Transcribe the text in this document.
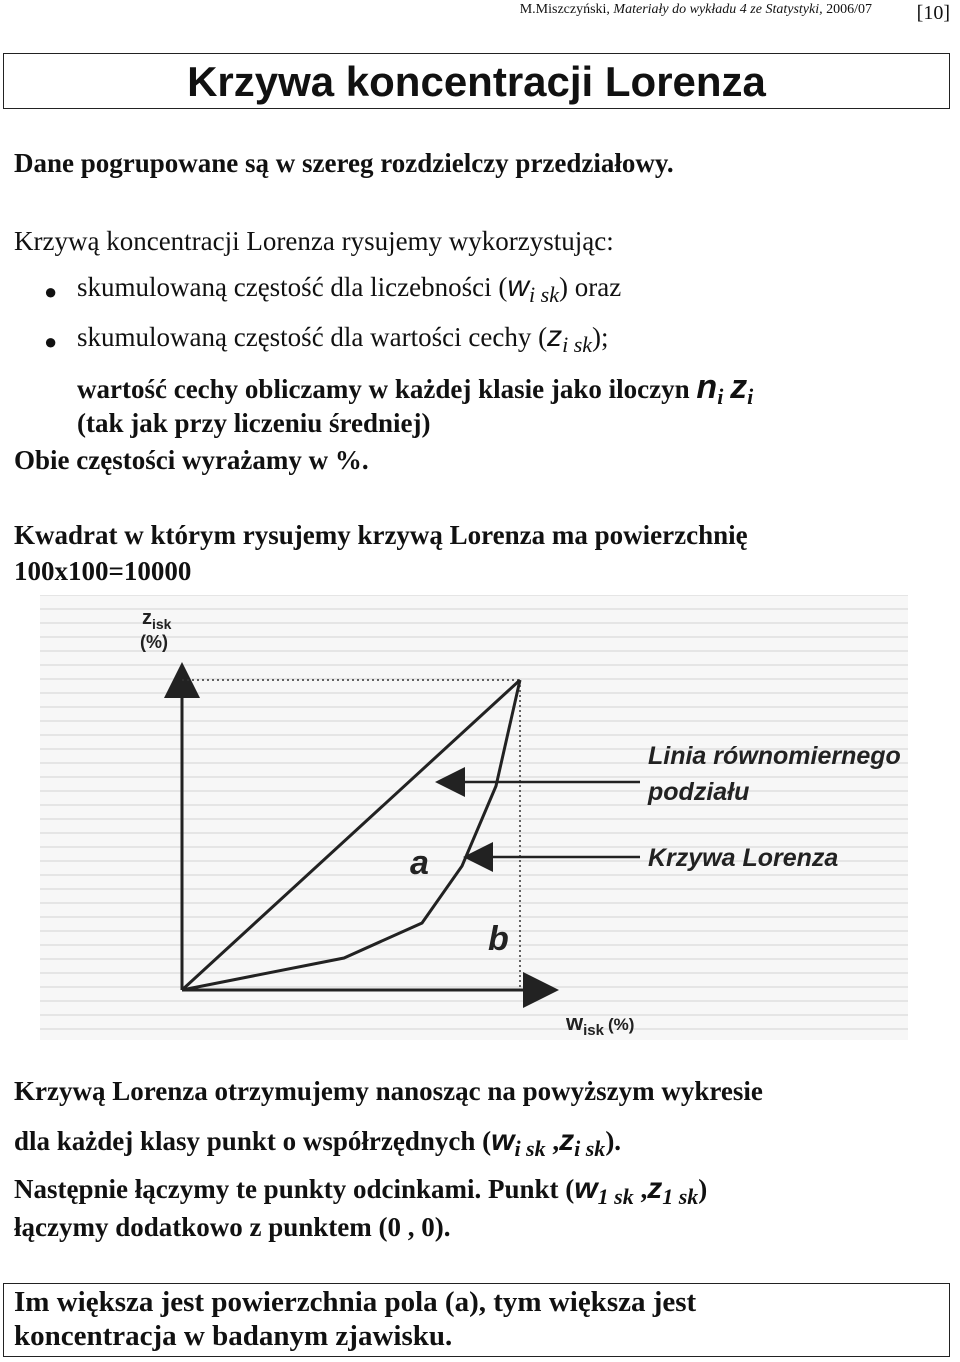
M.Miszczyński, Materiały do wykładu 4 ze Statystyki, 2006/07 [10]
Krzywa koncentracji Lorenza
Dane pogrupowane są w szereg rozdzielczy przedziałowy.
Krzywą koncentracji Lorenza rysujemy wykorzystując:
● skumulowaną częstość dla liczebności $(w_{i sk})$ oraz
● skumulowaną częstość dla wartości cechy $(z_{i sk})$;
wartość cechy obliczamy w każdej klasie jako iloczyn $n_i$ $z_i$
(tak jak przy liczeniu średniej)
Obie częstości wyrażamy w %.
Kwadrat w którym rysujemy krzywą Lorenza ma powierzchnię
100x100=10000
$z_{isk}$
(%)
$w_{isk}$ (%)
a
b
Linia równomiernego
podziału
Krzywa Lorenza
Krzywą Lorenza otrzymujemy nanosząc na powyższym wykresie
dla każdej klasy punkt o współrzędnych ($w_{i sk}$ $,z_{i sk}$).
Następnie łączymy te punkty odcinkami. Punkt ($w_{1 sk}$ $,z_{1 sk}$)
łączymy dodatkowo z punktem (0 , 0).
Im większa jest powierzchnia pola (a), tym większa jest
koncentracja w badanym zjawisku.
